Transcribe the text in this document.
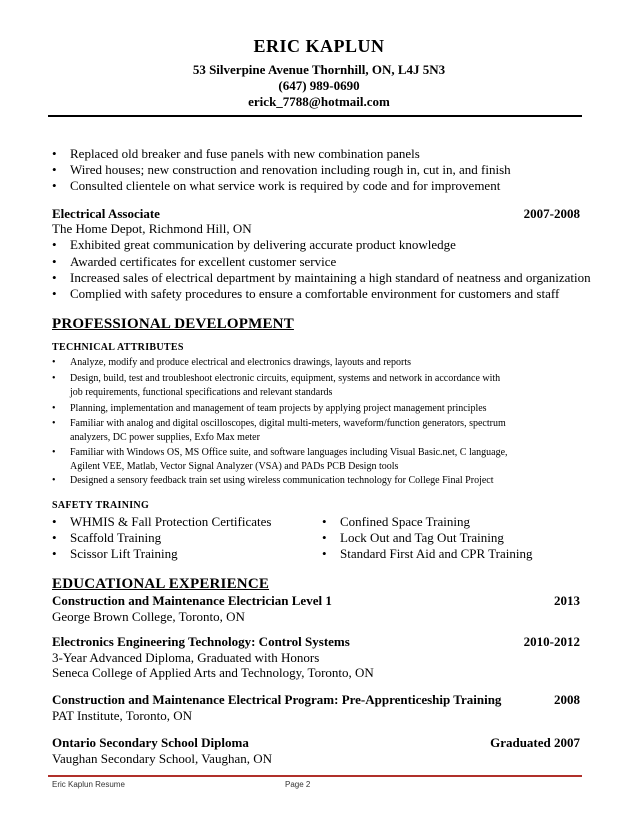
ERIC KAPLUN
53 Silverpine Avenue Thornhill, ON, L4J 5N3
(647) 989-0690
erick_7788@hotmail.com
• Replaced old breaker and fuse panels with new combination panels
• Wired houses; new construction and renovation including rough in, cut in, and finish
• Consulted clientele on what service work is required by code and for improvement
Electrical Associate	2007-2008
The Home Depot, Richmond Hill, ON
• Exhibited great communication by delivering accurate product knowledge
• Awarded certificates for excellent customer service
• Increased sales of electrical department by maintaining a high standard of neatness and organization
• Complied with safety procedures to ensure a comfortable environment for customers and staff
PROFESSIONAL DEVELOPMENT
TECHNICAL ATTRIBUTES
• Analyze, modify and produce electrical and electronics drawings, layouts and reports
• Design, build, test and troubleshoot electronic circuits, equipment, systems and network in accordance with
job requirements, functional specifications and relevant standards
• Planning, implementation and management of team projects by applying project management principles
• Familiar with analog and digital oscilloscopes, digital multi-meters, waveform/function generators, spectrum
analyzers, DC power supplies, Exfo Max meter
• Familiar with Windows OS, MS Office suite, and software languages including Visual Basic.net, C language,
Agilent VEE, Matlab, Vector Signal Analyzer (VSA) and PADs PCB Design tools
• Designed a sensory feedback train set using wireless communication technology for College Final Project
SAFETY TRAINING
• WHMIS & Fall Protection Certificates
• Scaffold Training
• Scissor Lift Training
• Confined Space Training
• Lock Out and Tag Out Training
• Standard First Aid and CPR Training
EDUCATIONAL EXPERIENCE
Construction and Maintenance Electrician Level 1	2013
George Brown College, Toronto, ON
Electronics Engineering Technology: Control Systems	2010-2012
3-Year Advanced Diploma, Graduated with Honors
Seneca College of Applied Arts and Technology, Toronto, ON
Construction and Maintenance Electrical Program: Pre-Apprenticeship Training	2008
PAT Institute, Toronto, ON
Ontario Secondary School Diploma	Graduated 2007
Vaughan Secondary School, Vaughan, ON
Eric Kaplun Resume	Page 2
